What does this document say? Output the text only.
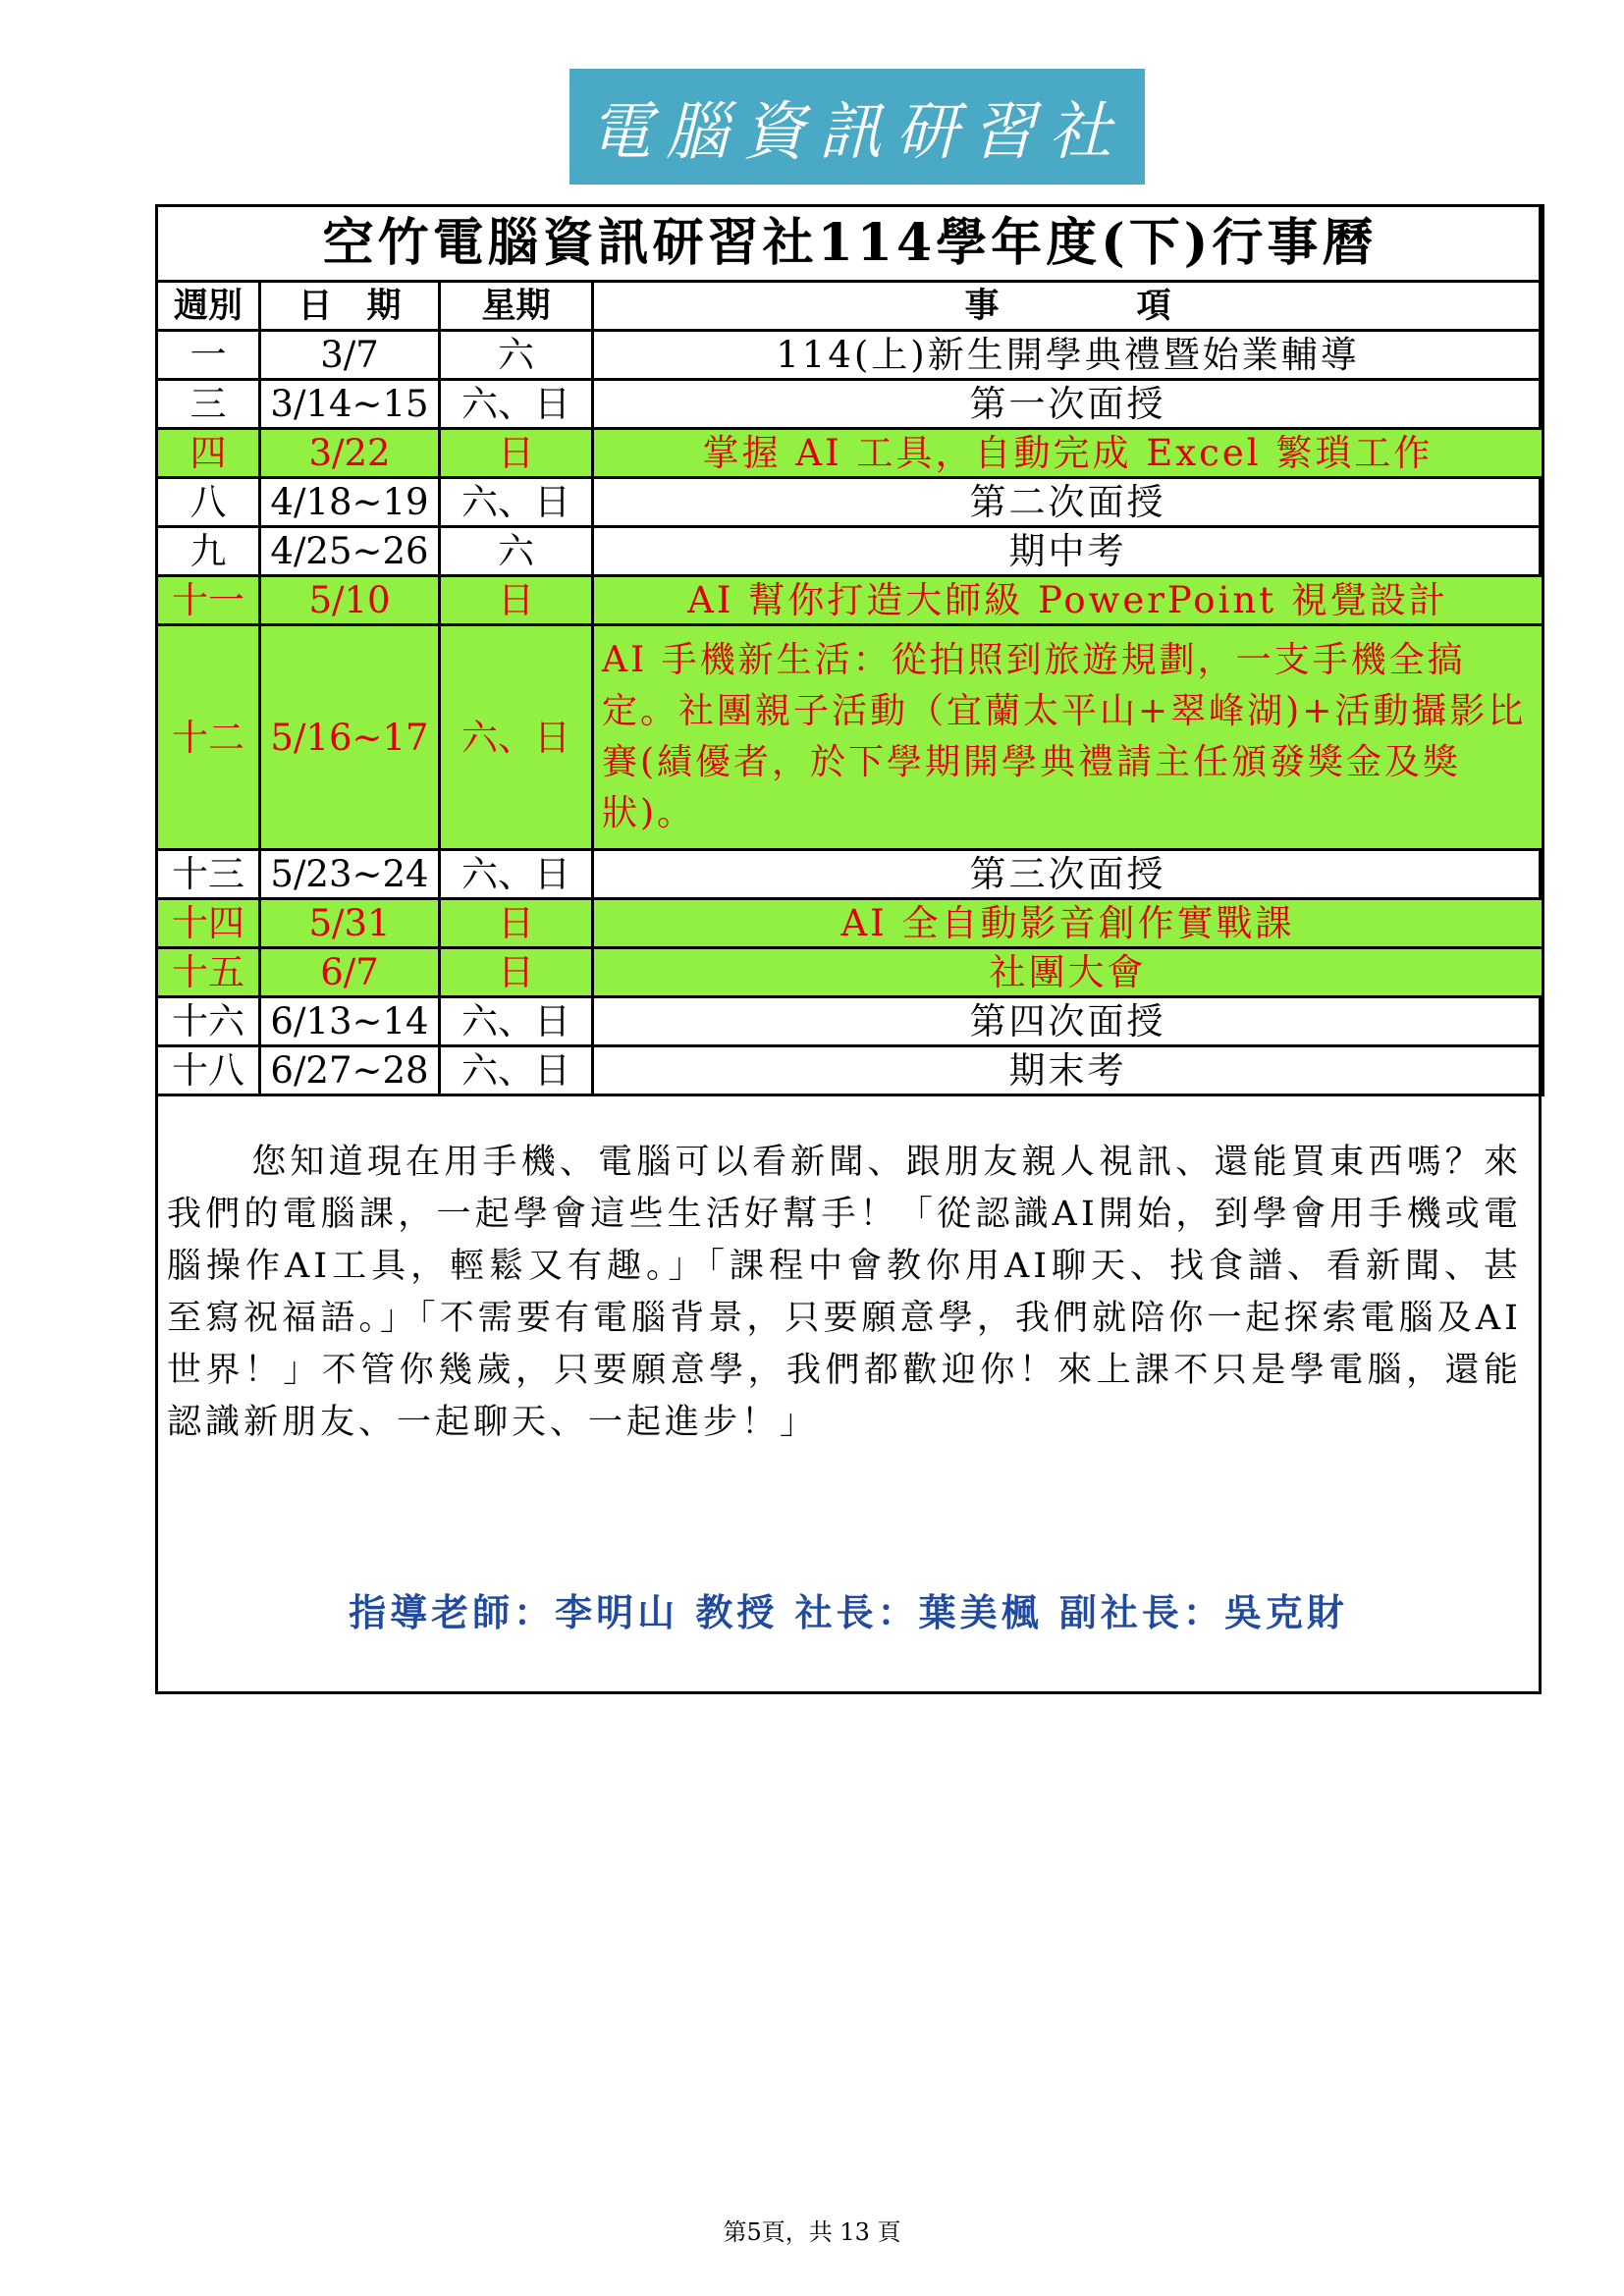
電腦資訊研習社
空竹電腦資訊研習社114學年度(下)行事曆			
週別	日　期	星期	事　　　　項
一	3/7	六	114(上)新生開學典禮暨始業輔導
三	3/14~15	六、日	第一次面授
四	3/22	日	掌握 AI 工具，自動完成 Excel 繁瑣工作
八	4/18~19	六、日	第二次面授
九	4/25~26	六	期中考
十一	5/10	日	AI 幫你打造大師級 PowerPoint 視覺設計
十二	5/16~17	六、日	AI 手機新生活：從拍照到旅遊規劃，一支手機全搞定。社團親子活動（宜蘭太平山+翠峰湖)+活動攝影比賽(績優者，於下學期開學典禮請主任頒發獎金及獎狀)。
十三	5/23~24	六、日	第三次面授
十四	5/31	日	AI 全自動影音創作實戰課
十五	6/7	日	社團大會
十六	6/13~14	六、日	第四次面授
十八	6/27~28	六、日	期末考
您知道現在用手機、電腦可以看新聞、跟朋友親人視訊、還能買東西嗎？來我們的電腦課，一起學會這些生活好幫手！「從認識AI開始，到學會用手機或電腦操作AI工具，輕鬆又有趣。」「課程中會教你用AI聊天、找食譜、看新聞、甚至寫祝福語。」「不需要有電腦背景，只要願意學，我們就陪你一起探索電腦及AI世界！」不管你幾歲，只要願意學，我們都歡迎你！來上課不只是學電腦，還能認識新朋友、一起聊天、一起進步！」
指導老師：李明山 教授 社長：葉美楓 副社長：吳克財
第5頁，共 13 頁
